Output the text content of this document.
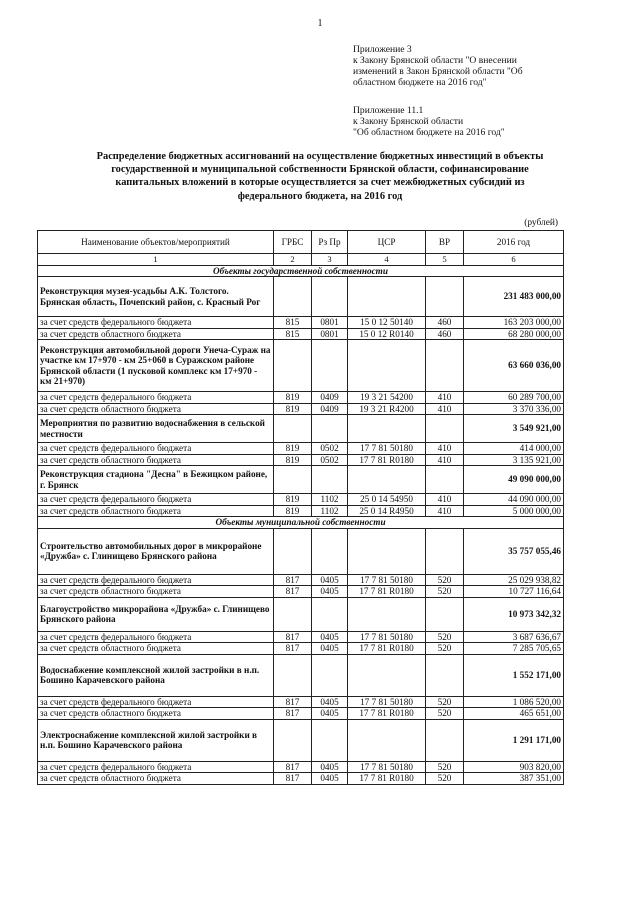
1
Приложение 3
к Закону Брянской области "О внесении
изменений в Закон Брянской области "Об
областном бюджете на 2016 год"
Приложение 11.1
к Закону Брянской области
"Об областном бюджете на 2016 год"
Распределение бюджетных ассигнований на осуществление бюджетных инвестиций в объекты
государственной и муниципальной собственности Брянской области, софинансирование
капитальных вложений в которые осуществляется за счет межбюджетных субсидий из
федерального бюджета, на 2016 год
(рублей)
Наименование объектов/мероприятий	ГРБС	Рз Пр	ЦСР	ВР	2016 год
1	2	3	4	5	6
Объекты государственной собственности					
Реконструкция музея-усадьбы А.К. Толстого. Брянская область, Почепский район, с. Красный Рог					231 483 000,00
за счет средств федерального бюджета	815	0801	15 0 12 50140	460	163 203 000,00
за счет средств областного бюджета	815	0801	15 0 12 R0140	460	68 280 000,00
Реконструкция автомобильной дороги Унеча-Сураж на участке км 17+970 - км 25+060 в Суражском районе Брянской области (1 пусковой комплекс км 17+970 - км 21+970)					63 660 036,00
за счет средств федерального бюджета	819	0409	19 3 21 54200	410	60 289 700,00
за счет средств областного бюджета	819	0409	19 3 21 R4200	410	3 370 336,00
Мероприятия по развитию водоснабжения в сельской местности					3 549 921,00
за счет средств федерального бюджета	819	0502	17 7 81 50180	410	414 000,00
за счет средств областного бюджета	819	0502	17 7 81 R0180	410	3 135 921,00
Реконструкция стадиона "Десна" в Бежицком районе, г. Брянск					49 090 000,00
за счет средств федерального бюджета	819	1102	25 0 14 54950	410	44 090 000,00
за счет средств областного бюджета	819	1102	25 0 14 R4950	410	5 000 000,00
Объекты муниципальной собственности					
Строительство автомобильных дорог в микрорайоне «Дружба» с. Глинищево Брянского района					35 757 055,46
за счет средств федерального бюджета	817	0405	17 7 81 50180	520	25 029 938,82
за счет средств областного бюджета	817	0405	17 7 81 R0180	520	10 727 116,64
Благоустройство микрорайона «Дружба» с. Глинищево Брянского района					10 973 342,32
за счет средств федерального бюджета	817	0405	17 7 81 50180	520	3 687 636,67
за счет средств областного бюджета	817	0405	17 7 81 R0180	520	7 285 705,65
Водоснабжение комплексной жилой застройки в н.п. Бошино Карачевского района					1 552 171,00
за счет средств федерального бюджета	817	0405	17 7 81 50180	520	1 086 520,00
за счет средств областного бюджета	817	0405	17 7 81 R0180	520	465 651,00
Электроснабжение комплексной жилой застройки в н.п. Бошино Карачевского района					1 291 171,00
за счет средств федерального бюджета	817	0405	17 7 81 50180	520	903 820,00
за счет средств областного бюджета	817	0405	17 7 81 R0180	520	387 351,00
